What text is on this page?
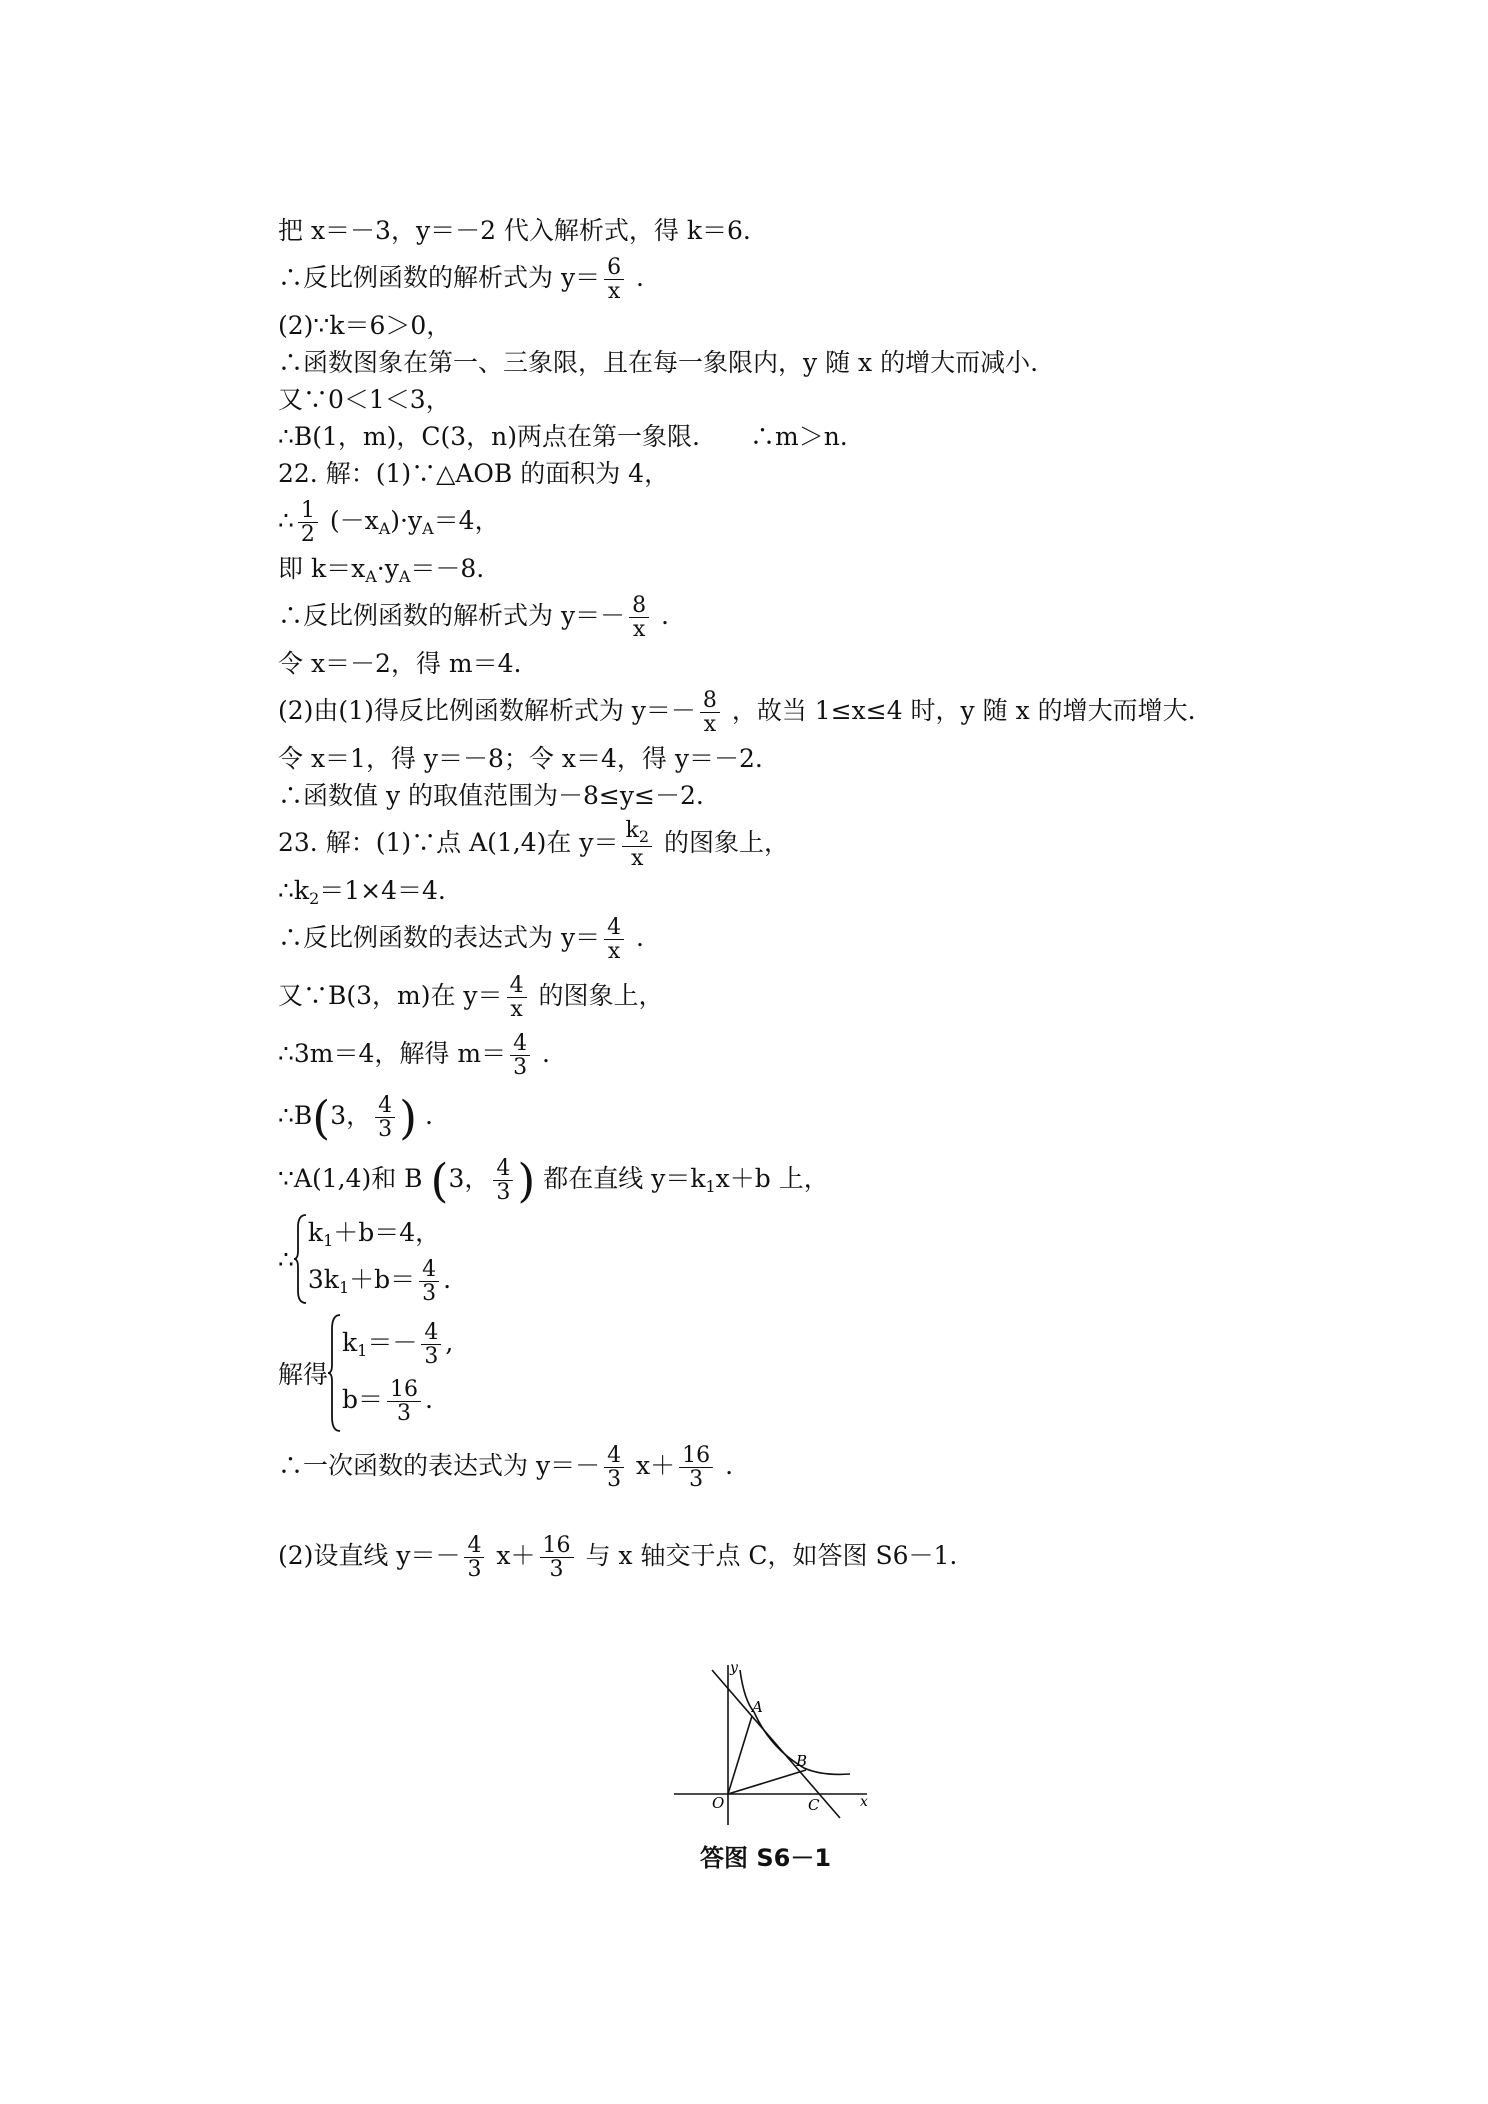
把 x＝－3，y＝－2 代入解析式，得 k＝6.
∴反比例函数的解析式为 $y= \frac{6}{x}$ .
(2)∵k＝6＞0，
∴函数图象在第一、三象限，且在每一象限内，y 随 x 的增大而减小.
又∵0＜1＜3，
∴B(1，m)，C(3，n)两点在第一象限.　　∴m＞n.
22. 解：(1)∵△AOB 的面积为 4，
∴ $\frac{1}{2} (-x_A)\cdot y_A=4$，
即 $k=x_A\cdot y_A=-8$.
∴反比例函数的解析式为 $y=- \frac{8}{x}$ .
令 x＝－2，得 m＝4.
(2)由(1)得反比例函数解析式为 $y=- \frac{8}{x}$ ，故当 1≤x≤4 时，y 随 x 的增大而增大.
令 x＝1，得 y＝－8；令 x＝4，得 y＝－2.
∴函数值 y 的取值范围为－8≤y≤－2.
23. 解：(1)∵点 A(1,4)在 $y= \frac{k_2}{x}$ 的图象上，
$\therefore k_2=1\times 4=4$.
∴反比例函数的表达式为 $y= \frac{4}{x}$ .
又∵B(3，m)在 $y= \frac{4}{x}$ 的图象上，
∴3m＝4，解得 $m= \frac{4}{3}$ .
∴B(3， $\frac{4}{3}$ ) .
∵A(1,4)和 B (3， $\frac{4}{3}$ ) 都在直线 $y=k_1x+b$ 上，
∴
$k_1+b=4$，
$3k_1+b= \frac{4}{3}$ .
解得
$k_1=- \frac{4}{3}$ ,
$b= \frac{16}{3}$ .
∴一次函数的表达式为 $y=- \frac{4}{3} x+ \frac{16}{3}$ .
(2)设直线 $y=- \frac{4}{3} x+ \frac{16}{3}$ 与 x 轴交于点 C，如答图 S6－1.
y
x
O
A
B
C
答图 S6－1
